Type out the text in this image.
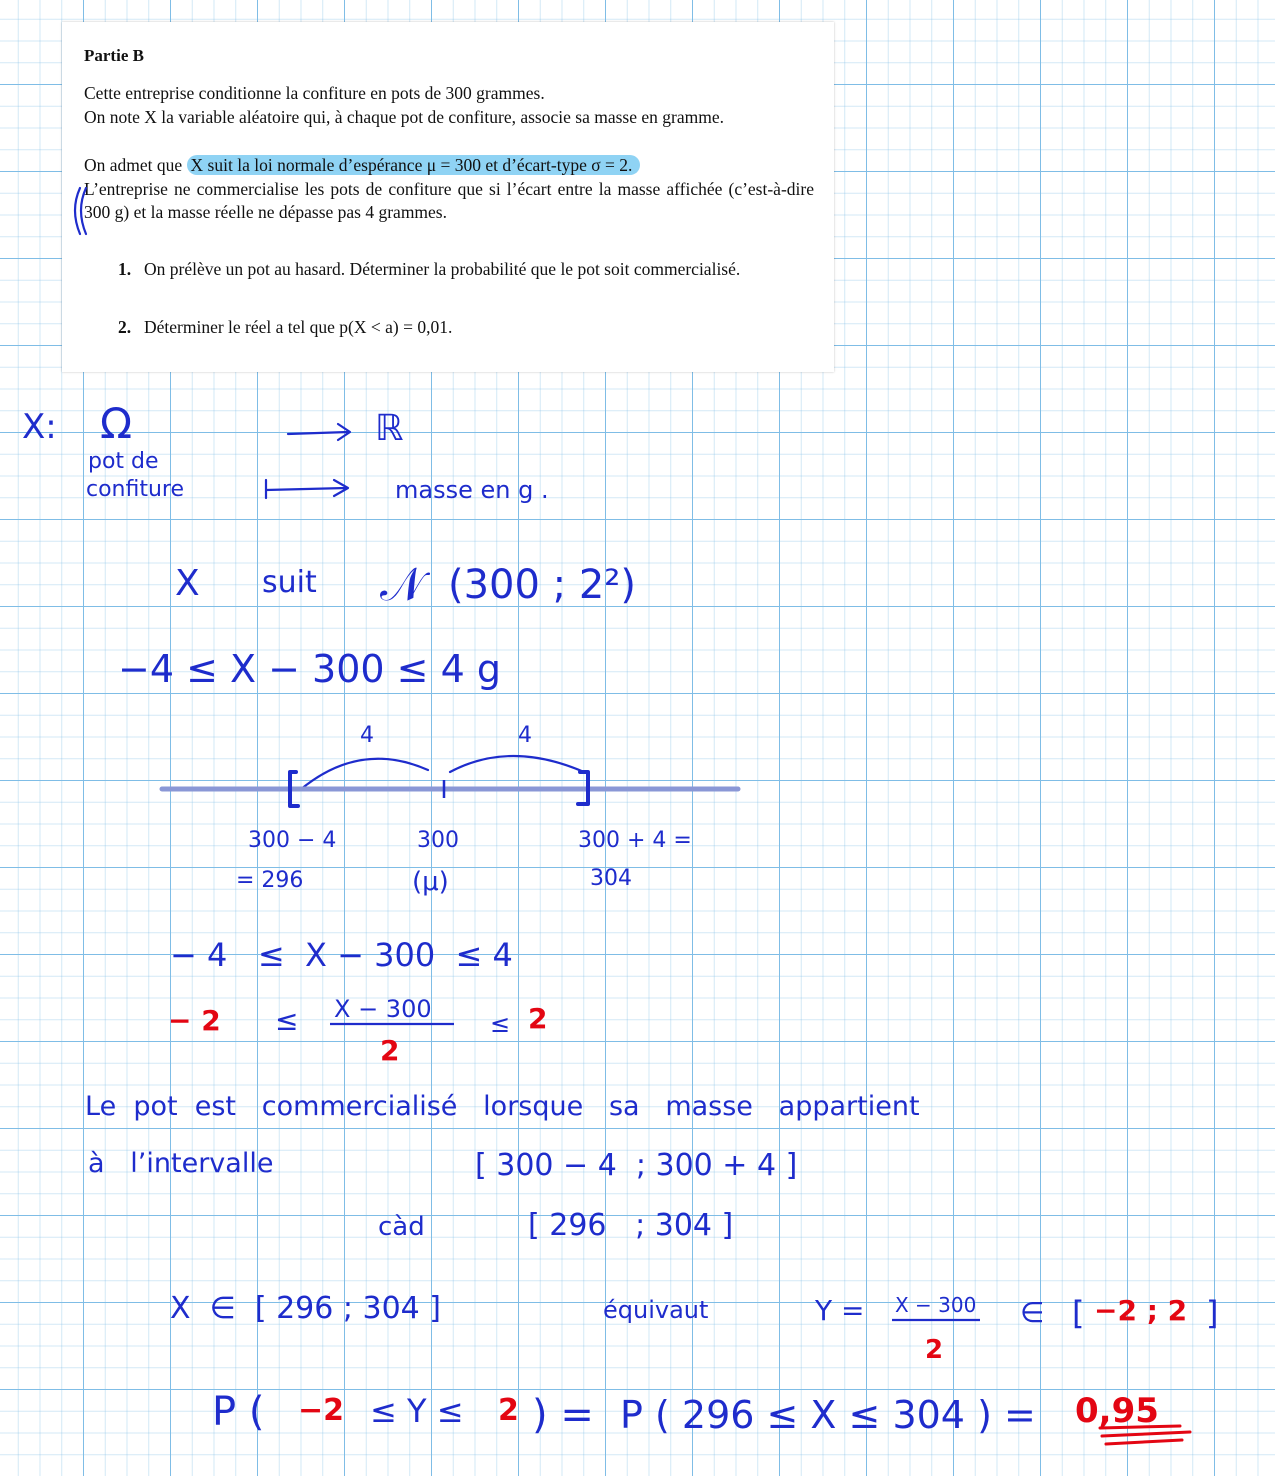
Partie B
Cette entreprise conditionne la confiture en pots de 300 grammes.
On note X la variable aléatoire qui, à chaque pot de confiture, associe sa masse en gramme.
On admet que X suit la loi normale d’espérance μ = 300 et d’écart-type σ = 2.
L’entreprise ne commercialise les pots de confiture que si l’écart entre la masse affichée (c’est-à-dire 300 g) et la masse réelle ne dépasse pas 4 grammes.
1. On prélève un pot au hasard. Déterminer la probabilité que le pot soit commercialisé.
2. Déterminer le réel a tel que p(X < a) = 0,01.
X: Ω	ℝ
pot de
confiture	masse en g .
X suit 𝒩 (300 ; 2²)
−4 ≤ X − 300 ≤ 4 g
4	4
300 − 4
= 296
300
(μ)
300 + 4 =
304
− 4   ≤  X − 300  ≤ 4
− 2 ≤ X − 300
2
≤ 2
Le  pot  est   commercialisé   lorsque   sa   masse   appartient
à   l’intervalle	[ 300 − 4  ; 300 + 4 ]
càd	[ 296   ; 304 ]
X  ∈  [ 296 ; 304 ]	équivaut	Y = X − 300
2
∈ [ −2 ; 2 ]
P ( −2 ≤ Y ≤ 2 ) = P ( 296 ≤ X ≤ 304 ) = 0,95
